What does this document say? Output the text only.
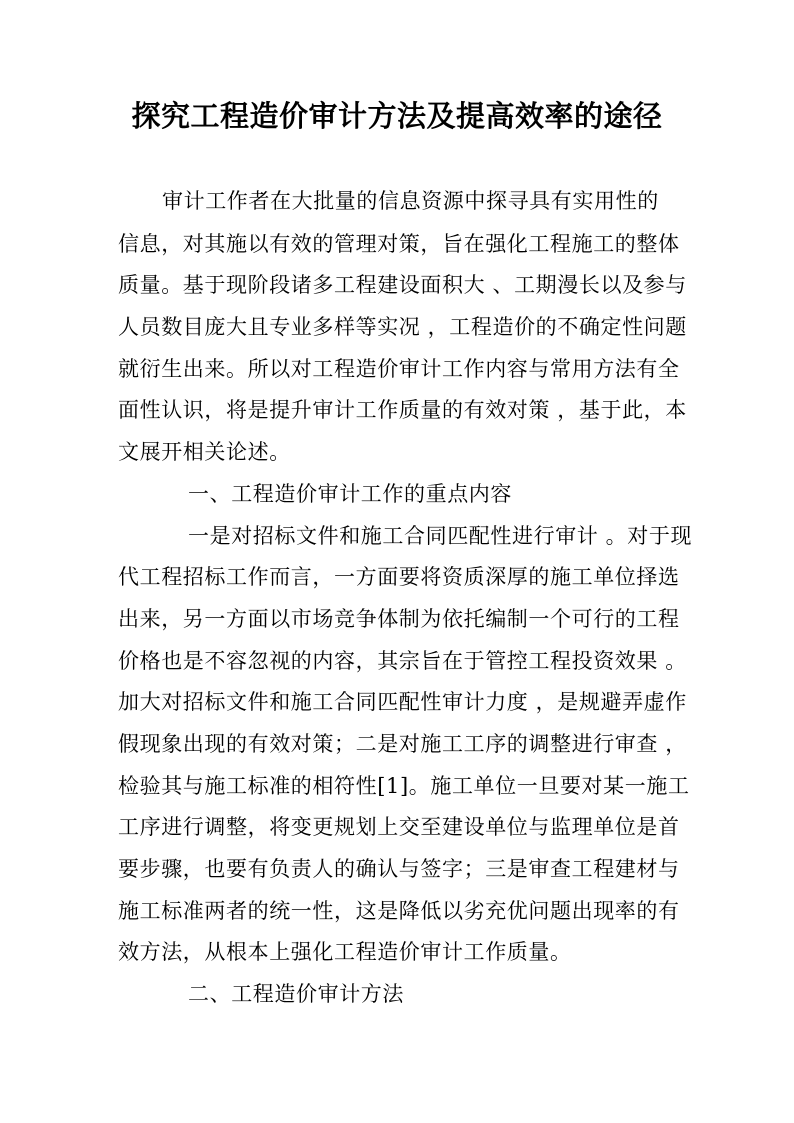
探究工程造价审计方法及提高效率的途径
审计工作者在大批量的信息资源中探寻具有实用性的
信息，对其施以有效的管理对策，旨在强化工程施工的整体
质量。基于现阶段诸多工程建设面积大 、工期漫长以及参与
人员数目庞大且专业多样等实况 ，工程造价的不确定性问题
就衍生出来。所以对工程造价审计工作内容与常用方法有全
面性认识，将是提升审计工作质量的有效对策 ，基于此，本
文展开相关论述。
一、工程造价审计工作的重点内容
一是对招标文件和施工合同匹配性进行审计 。对于现
代工程招标工作而言，一方面要将资质深厚的施工单位择选
出来，另一方面以市场竞争体制为依托编制一个可行的工程
价格也是不容忽视的内容，其宗旨在于管控工程投资效果 。
加大对招标文件和施工合同匹配性审计力度 ，是规避弄虚作
假现象出现的有效对策；二是对施工工序的调整进行审查 ，
检验其与施工标准的相符性[1]。施工单位一旦要对某一施工
工序进行调整，将变更规划上交至建设单位与监理单位是首
要步骤，也要有负责人的确认与签字；三是审查工程建材与
施工标准两者的统一性，这是降低以劣充优问题出现率的有
效方法，从根本上强化工程造价审计工作质量。
二、工程造价审计方法
